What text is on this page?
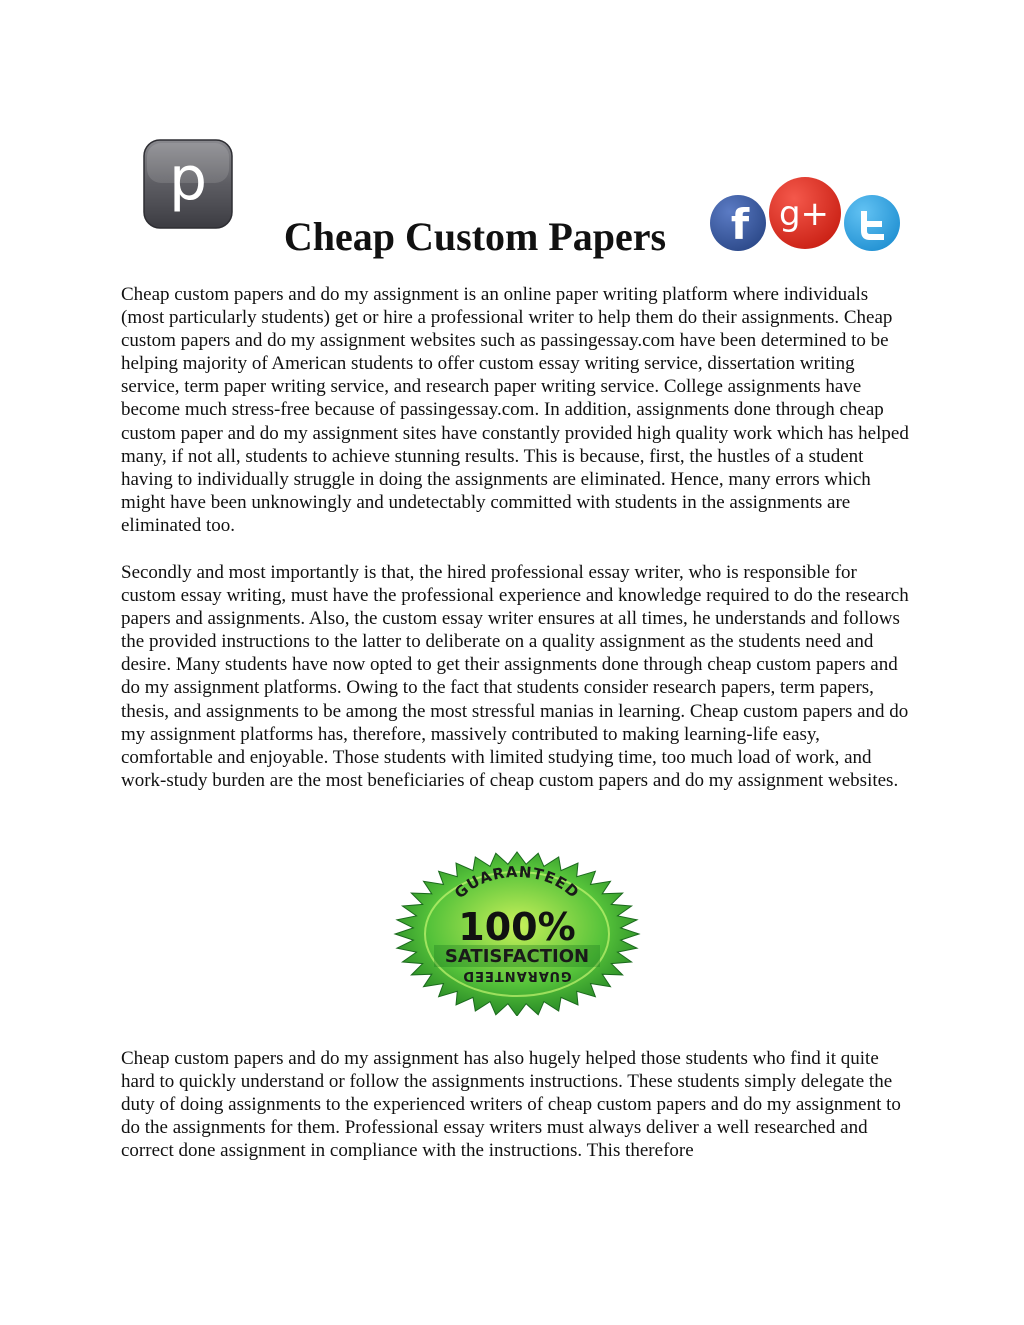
p
Cheap Custom Papers	f g+

Cheap custom papers and do my assignment is an online paper writing platform where individuals (most particularly students) get or hire a professional writer to help them do their assignments. Cheap custom papers and do my assignment websites such as passingessay.com have been determined to be helping majority of American students to offer custom essay writing service, dissertation writing service, term paper writing service, and research paper writing service. College assignments have become much stress-free because of passingessay.com. In addition, assignments done through cheap custom paper and do my assignment sites have constantly provided high quality work which has helped many, if not all, students to achieve stunning results. This is because, first, the hustles of a student having to individually struggle in doing the assignments are eliminated. Hence, many errors which might have been unknowingly and undetectably committed with students in the assignments are eliminated too.

Secondly and most importantly is that, the hired professional essay writer, who is responsible for custom essay writing, must have the professional experience and knowledge required to do the research papers and assignments. Also, the custom essay writer ensures at all times, he understands and follows the provided instructions to the latter to deliberate on a quality assignment as the students need and desire. Many students have now opted to get their assignments done through cheap custom papers and do my assignment platforms. Owing to the fact that students consider research papers, term papers, thesis, and assignments to be among the most stressful manias in learning. Cheap custom papers and do my assignment platforms has, therefore, massively contributed to making learning-life easy, comfortable and enjoyable. Those students with limited studying time, too much load of work, and work-study burden are the most beneficiaries of cheap custom papers and do my assignment websites.

GUARANTEED
100%
SATISFACTION
GUARANTEED

Cheap custom papers and do my assignment has also hugely helped those students who find it quite hard to quickly understand or follow the assignments instructions. These students simply delegate the duty of doing assignments to the experienced writers of cheap custom papers and do my assignment to do the assignments for them. Professional essay writers must always deliver a well researched and correct done assignment in compliance with the instructions. This therefore
